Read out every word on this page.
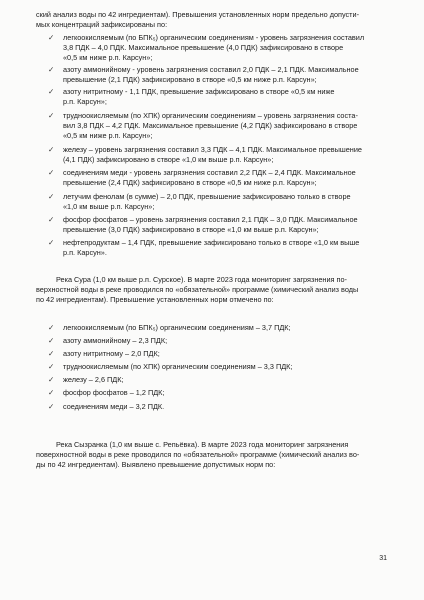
ский анализ воды по 42 ингредиентам). Превышения установленных норм предельно допусти-
мых концентраций зафиксированы по:
✓ легкоокисляемым (по БПК₅) органическим соединениям - уровень загрязнения составил
3,8 ПДК – 4,0 ПДК. Максимальное превышение (4,0 ПДК) зафиксировано в створе
«0,5 км ниже р.п. Карсун»;
✓ азоту аммонийному - уровень загрязнения составил 2,0 ПДК – 2,1 ПДК. Максимальное
превышение (2,1 ПДК) зафиксировано в створе «0,5 км ниже р.п. Карсун»;
✓ азоту нитритному - 1,1 ПДК, превышение зафиксировано в створе «0,5 км ниже
р.п. Карсун»;
✓ трудноокисляемым (по ХПК) органическим соединениям – уровень загрязнения соста-
вил 3,8 ПДК – 4,2 ПДК. Максимальное превышение (4,2 ПДК) зафиксировано в створе
«0,5 км ниже р.п. Карсун»;
✓ железу – уровень загрязнения составил 3,3 ПДК – 4,1 ПДК. Максимальное превышение
(4,1 ПДК) зафиксировано в створе «1,0 км выше р.п. Карсун»;
✓ соединениям меди - уровень загрязнения составил 2,2 ПДК – 2,4 ПДК. Максимальное
превышение (2,4 ПДК) зафиксировано в створе «0,5 км ниже р.п. Карсун»;
✓ летучим фенолам (в сумме) – 2,0 ПДК, превышение зафиксировано только в створе
«1,0 км выше р.п. Карсун»;
✓ фосфор фосфатов – уровень загрязнения составил 2,1 ПДК – 3,0 ПДК. Максимальное
превышение (3,0 ПДК) зафиксировано в створе «1,0 км выше р.п. Карсун»;
✓ нефтепродуктам – 1,4 ПДК, превышение зафиксировано только в створе «1,0 км выше
р.п. Карсун».
Река Сура (1,0 км выше р.п. Сурское). В марте 2023 года мониторинг загрязнения по-
верхностной воды в реке проводился по «обязательной» программе (химический анализ воды
по 42 ингредиентам). Превышение установленных норм отмечено по:
✓ легкоокисляемым (по БПК₅) органическим соединениям – 3,7 ПДК;
✓ азоту аммонийному – 2,3 ПДК;
✓ азоту нитритному – 2,0 ПДК;
✓ трудноокисляемым (по ХПК) органическим соединениям – 3,3 ПДК;
✓ железу – 2,6 ПДК;
✓ фосфор фосфатов – 1,2 ПДК;
✓ соединениям меди – 3,2 ПДК.
Река Сызранка (1,0 км выше с. Репьёвка). В марте 2023 года мониторинг загрязнения
поверхностной воды в реке проводился по «обязательной» программе (химический анализ во-
ды по 42 ингредиентам). Выявлено превышение допустимых норм по:
31
